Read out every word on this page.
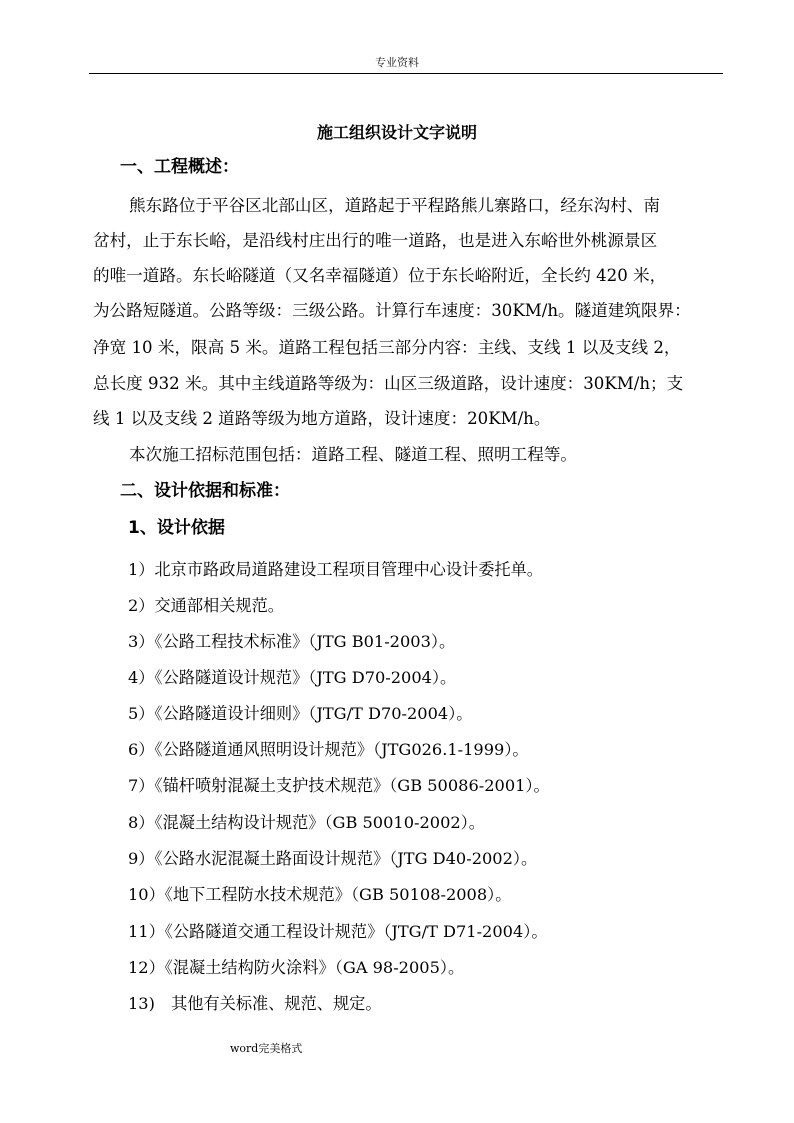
专业资料
施工组织设计文字说明
一、工程概述：
熊东路位于平谷区北部山区，道路起于平程路熊儿寨路口，经东沟村、南
岔村，止于东长峪，是沿线村庄出行的唯一道路，也是进入东峪世外桃源景区
的唯一道路。东长峪隧道（又名幸福隧道）位于东长峪附近，全长约 420 米，
为公路短隧道。公路等级：三级公路。计算行车速度：30KM/h。隧道建筑限界：
净宽 10 米，限高 5 米。道路工程包括三部分内容：主线、支线 1 以及支线 2，
总长度 932 米。其中主线道路等级为：山区三级道路，设计速度：30KM/h；支
线 1 以及支线 2 道路等级为地方道路，设计速度：20KM/h。
本次施工招标范围包括：道路工程、隧道工程、照明工程等。
二、设计依据和标准：
1、设计依据
1）北京市路政局道路建设工程项目管理中心设计委托单。
2）交通部相关规范。
3）《公路工程技术标准》（JTG B01-2003）。
4）《公路隧道设计规范》（JTG D70-2004）。
5）《公路隧道设计细则》（JTG/T D70-2004）。
6）《公路隧道通风照明设计规范》（JTG026.1-1999）。
7）《锚杆喷射混凝土支护技术规范》（GB 50086-2001）。
8）《混凝土结构设计规范》（GB 50010-2002）。
9）《公路水泥混凝土路面设计规范》（JTG D40-2002）。
10）《地下工程防水技术规范》（GB 50108-2008）。
11）《公路隧道交通工程设计规范》（JTG/T D71-2004）。
12）《混凝土结构防火涂料》（GA 98-2005）。
13)　其他有关标准、规范、规定。
word完美格式
